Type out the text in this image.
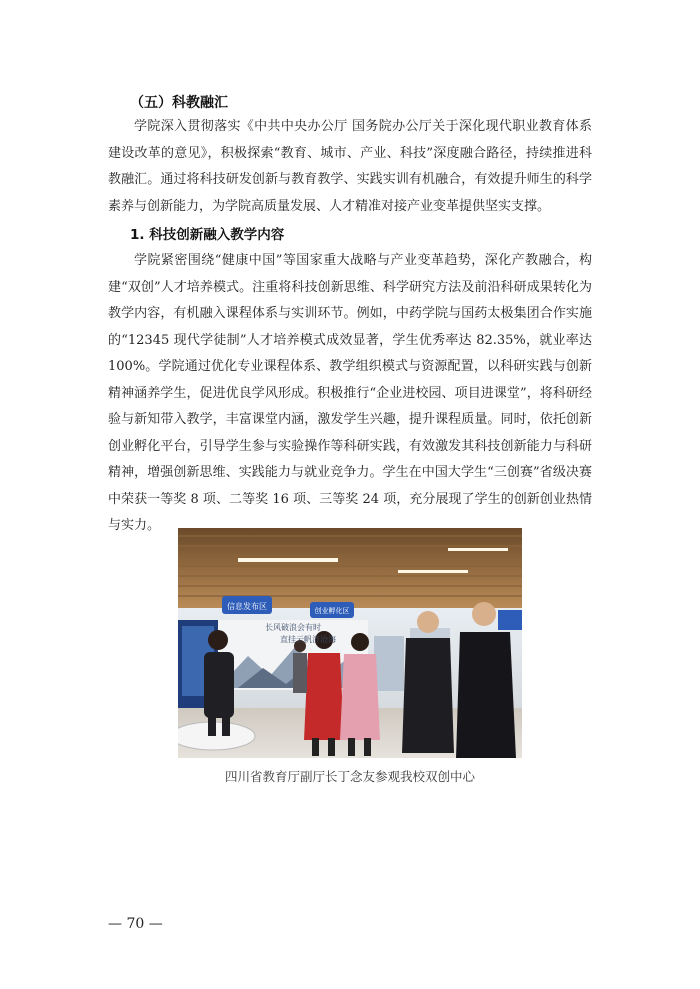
（五）科教融汇

学院深入贯彻落实《中共中央办公厅 国务院办公厅关于深化现代职业教育体系建设改革的意见》，积极探索“教育、城市、产业、科技”深度融合路径，持续推进科教融汇。通过将科技研发创新与教育教学、实践实训有机融合，有效提升师生的科学素养与创新能力，为学院高质量发展、人才精准对接产业变革提供坚实支撑。

1. 科技创新融入教学内容

学院紧密围绕“健康中国”等国家重大战略与产业变革趋势，深化产教融合，构建“双创”人才培养模式。注重将科技创新思维、科学研究方法及前沿科研成果转化为教学内容，有机融入课程体系与实训环节。例如，中药学院与国药太极集团合作实施的“12345 现代学徒制”人才培养模式成效显著，学生优秀率达 82.35%，就业率达 100%。学院通过优化专业课程体系、教学组织模式与资源配置，以科研实践与创新精神涵养学生，促进优良学风形成。积极推行“企业进校园、项目进课堂”，将科研经验与新知带入教学，丰富课堂内涵，激发学生兴趣，提升课程质量。同时，依托创新创业孵化平台，引导学生参与实验操作等科研实践，有效激发其科技创新能力与科研精神，增强创新思维、实践能力与就业竞争力。学生在中国大学生“三创赛”省级决赛中荣获一等奖 8 项、二等奖 16 项、三等奖 24 项，充分展现了学生的创新创业热情与实力。

信息发布区	创业孵化区
长风破浪会有时
直挂云帆济沧海
四川省教育厅副厅长丁念友参观我校双创中心
— 70 —
